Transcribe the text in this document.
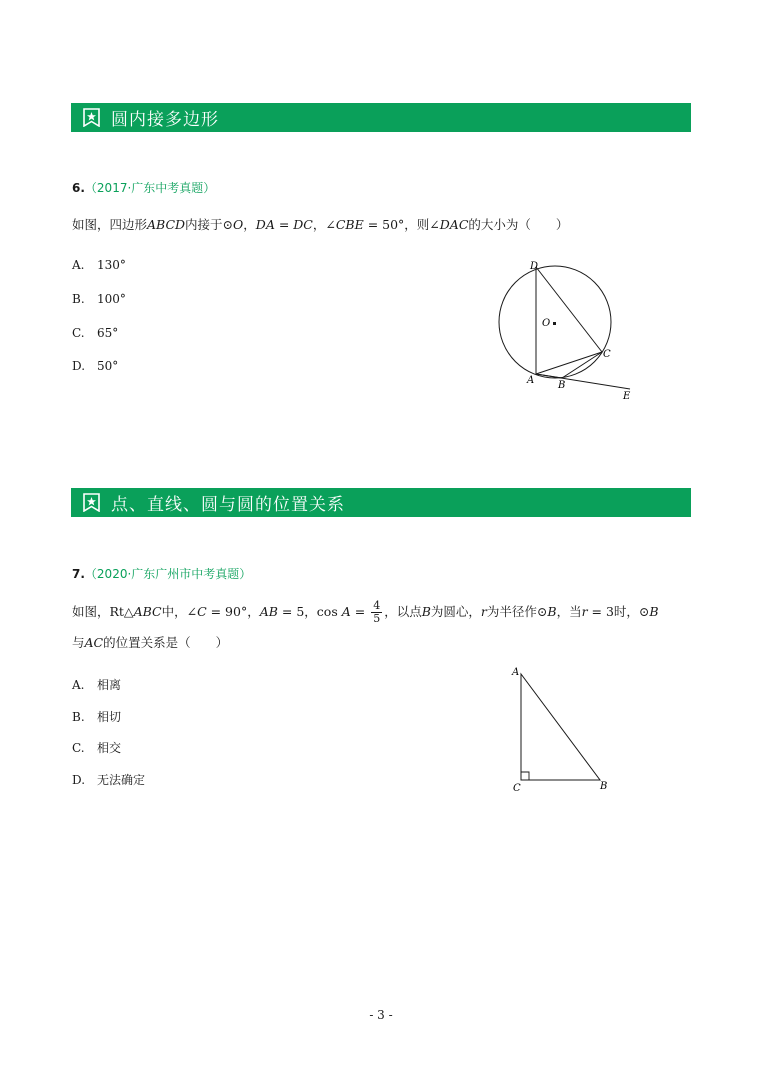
圆内接多边形
6.（2017·广东中考真题）
如图，四边形ABCD内接于⊙O，DA = DC，∠CBE = 50°，则∠DAC的大小为（　　）
A. 130°
B. 100°
C. 65°
D. 50°
D
O
C
A B
E
点、直线、圆与圆的位置关系
7.（2020·广东广州市中考真题）
如图，Rt△ABC中，∠C = 90°，AB = 5，$\cos A = \frac{4}{5}$ ，以点B为圆心，r为半径作⊙B，当r = 3时，⊙B
与AC的位置关系是（　　）
A. 相离
B. 相切
C. 相交
D. 无法确定
A
B
C
- 3 -
